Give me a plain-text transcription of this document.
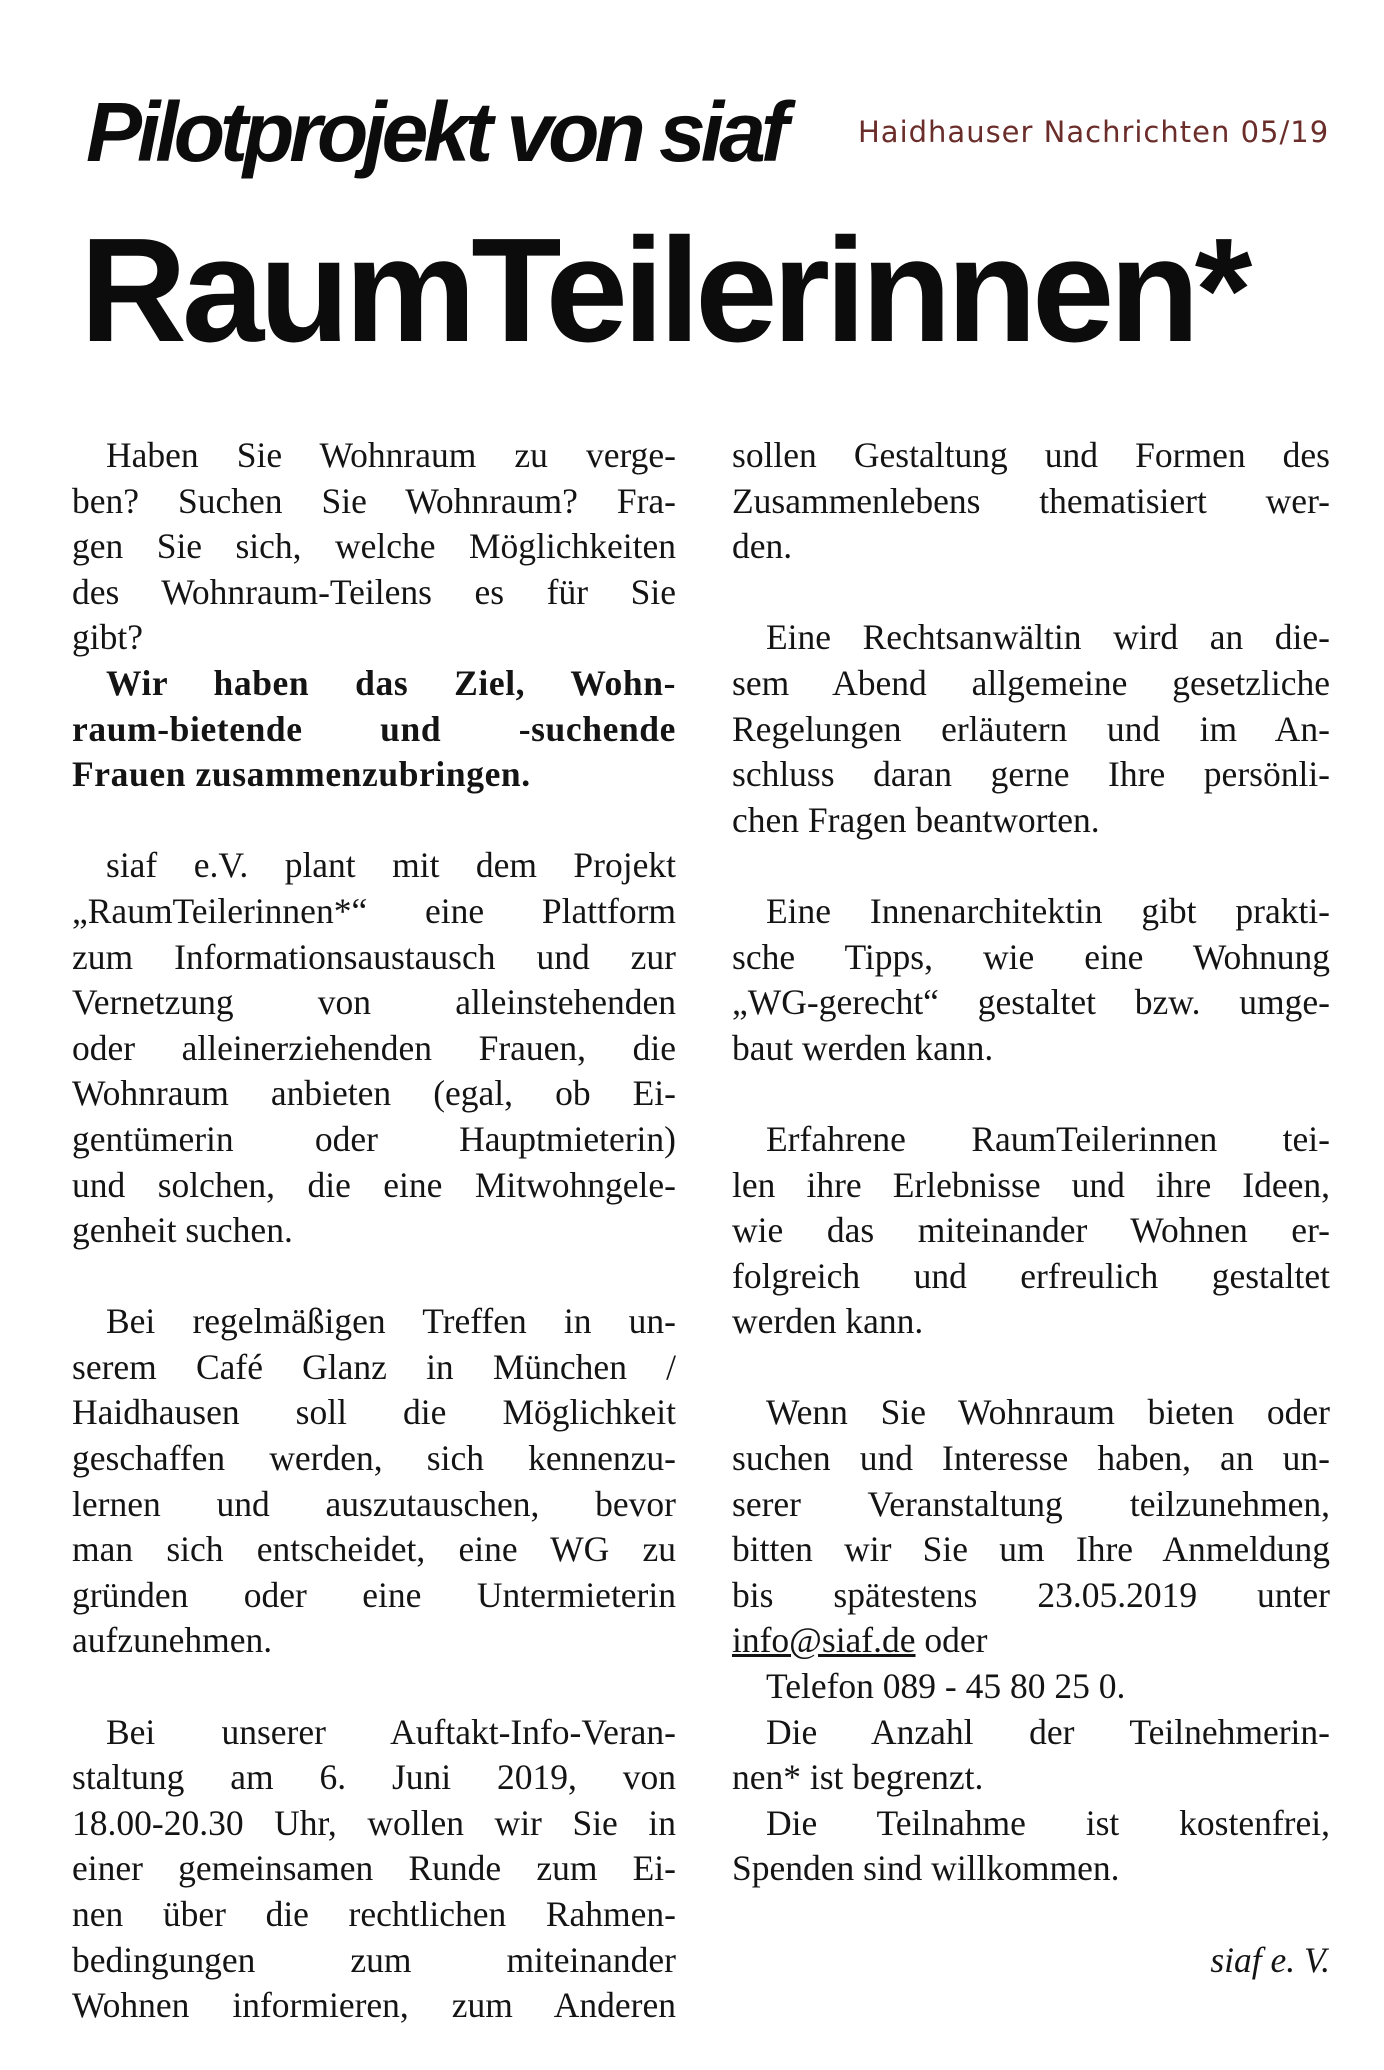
Pilotprojekt von siaf	Haidhauser Nachrichten 05/19
RaumTeilerinnen*
Haben Sie Wohnraum zu verge-
ben? Suchen Sie Wohnraum? Fra-
gen Sie sich, welche Möglichkeiten
des Wohnraum-Teilens es für Sie
gibt?
Wir haben das Ziel, Wohn-
raum-bietende und -suchende
Frauen zusammenzubringen.
siaf e.V. plant mit dem Projekt
„RaumTeilerinnen*“ eine Plattform
zum Informationsaustausch und zur
Vernetzung von alleinstehenden
oder alleinerziehenden Frauen, die
Wohnraum anbieten (egal, ob Ei-
gentümerin oder Hauptmieterin)
und solchen, die eine Mitwohngele-
genheit suchen.
Bei regelmäßigen Treffen in un-
serem Café Glanz in München /
Haidhausen soll die Möglichkeit
geschaffen werden, sich kennenzu-
lernen und auszutauschen, bevor
man sich entscheidet, eine WG zu
gründen oder eine Untermieterin
aufzunehmen.
Bei unserer Auftakt-Info-Veran-
staltung am 6. Juni 2019, von
18.00-20.30 Uhr, wollen wir Sie in
einer gemeinsamen Runde zum Ei-
nen über die rechtlichen Rahmen-
bedingungen zum miteinander
Wohnen informieren, zum Anderen
sollen Gestaltung und Formen des
Zusammenlebens thematisiert wer-
den.
Eine Rechtsanwältin wird an die-
sem Abend allgemeine gesetzliche
Regelungen erläutern und im An-
schluss daran gerne Ihre persönli-
chen Fragen beantworten.
Eine Innenarchitektin gibt prakti-
sche Tipps, wie eine Wohnung
„WG-gerecht“ gestaltet bzw. umge-
baut werden kann.
Erfahrene RaumTeilerinnen tei-
len ihre Erlebnisse und ihre Ideen,
wie das miteinander Wohnen er-
folgreich und erfreulich gestaltet
werden kann.
Wenn Sie Wohnraum bieten oder
suchen und Interesse haben, an un-
serer Veranstaltung teilzunehmen,
bitten wir Sie um Ihre Anmeldung
bis spätestens 23.05.2019 unter
info@siaf.de oder
Telefon 089 - 45 80 25 0.
Die Anzahl der Teilnehmerin-
nen* ist begrenzt.
Die Teilnahme ist kostenfrei,
Spenden sind willkommen.
siaf e. V.
